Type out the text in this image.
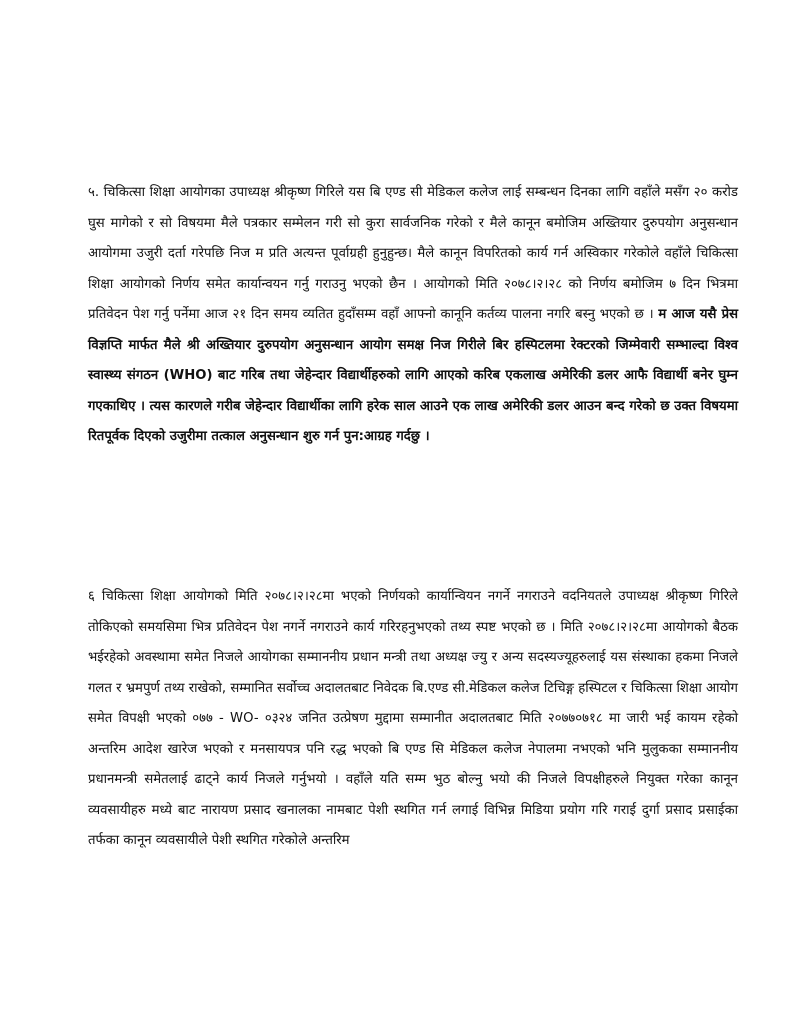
५. चिकित्सा शिक्षा आयोगका उपाध्यक्ष श्रीकृष्ण गिरिले यस बि एण्ड सी मेडिकल कलेज लाई सम्बन्धन दिनका लागि वहाँले मसँग २० करोड घुस मागेको र सो विषयमा मैले पत्रकार सम्मेलन गरी सो कुरा सार्वजनिक गरेको र मैले कानून बमोजिम अख्तियार दुरुपयोग अनुसन्धान आयोगमा उजुरी दर्ता गरेपछि निज म प्रति अत्यन्त पूर्वाग्रही हुनुहुन्छ। मैले कानून विपरितको कार्य गर्न अस्विकार गरेकोले वहाँले चिकित्सा शिक्षा आयोगको निर्णय समेत कार्यान्वयन गर्नु गराउनु भएको छैन । आयोगको मिति २०७८।२।२८ को निर्णय बमोजिम ७ दिन भित्रमा प्रतिवेदन पेश गर्नु पर्नेमा आज २१ दिन समय व्यतित हुदाँसम्म वहाँ आफ्नो कानूनि कर्तव्य पालना नगरि बस्नु भएको छ । म आज यसै प्रेस विज्ञप्ति मार्फत मैले श्री अख्तियार दुरुपयोग अनुसन्धान आयोग समक्ष निज गिरीले बिर हस्पिटलमा रेक्टरको जिम्मेवारी सम्भाल्दा विश्व स्वास्थ्य संगठन (WHO) बाट गरिब तथा जेहेन्दार विद्यार्थीहरुको लागि आएको करिब एकलाख अमेरिकी डलर आफै विद्यार्थी बनेर घुम्न गएकाथिए । त्यस कारणले गरीब जेहेन्दार विद्यार्थीका लागि हरेक साल आउने एक लाख अमेरिकी डलर आउन बन्द गरेको छ उक्त विषयमा रितपूर्वक दिएको उजुरीमा तत्काल अनुसन्धान शुरु गर्न पुन:आग्रह गर्दछु ।

६ चिकित्सा शिक्षा आयोगको मिति २०७८।२।२८मा भएको निर्णयको कार्यान्वियन नगर्ने नगराउने वदनियतले उपाध्यक्ष श्रीकृष्ण गिरिले तोकिएको समयसिमा भित्र प्रतिवेदन पेश नगर्ने नगराउने कार्य गरिरहनुभएको तथ्य स्पष्ट भएको छ । मिति २०७८।२।२८मा आयोगको बैठक भईरहेको अवस्थामा समेत निजले आयोगका सम्माननीय प्रधान मन्त्री तथा अध्यक्ष ज्यु र अन्य सदस्यज्यूहरुलाई यस संस्थाका हकमा निजले गलत र भ्रमपुर्ण तथ्य राखेको, सम्मानित सर्वोच्च अदालतबाट निवेदक बि.एण्ड सी.मेडिकल कलेज टिचिङ्ग हस्पिटल र चिकित्सा शिक्षा आयोग समेत विपक्षी भएको ०७७ - WO- ०३२४ जनित उत्प्रेषण मुद्दामा सम्मानीत अदालतबाट मिति २०७७०७१८ मा जारी भई कायम रहेको अन्तरिम आदेश खारेज भएको र मनसायपत्र पनि रद्ध भएको बि एण्ड सि मेडिकल कलेज नेपालमा नभएको भनि मुलुकका सम्माननीय प्रधानमन्त्री समेतलाई ढाट्ने कार्य निजले गर्नुभयो । वहाँले यति सम्म भुठ बोल्नु भयो की निजले विपक्षीहरुले नियुक्त गरेका कानून व्यवसायीहरु मध्ये बाट नारायण प्रसाद खनालका नामबाट पेशी स्थगित गर्न लगाई विभिन्न मिडिया प्रयोग गरि गराई दुर्गा प्रसाद प्रसाईका तर्फका कानून व्यवसायीले पेशी स्थगित गरेकोले अन्तरिम
